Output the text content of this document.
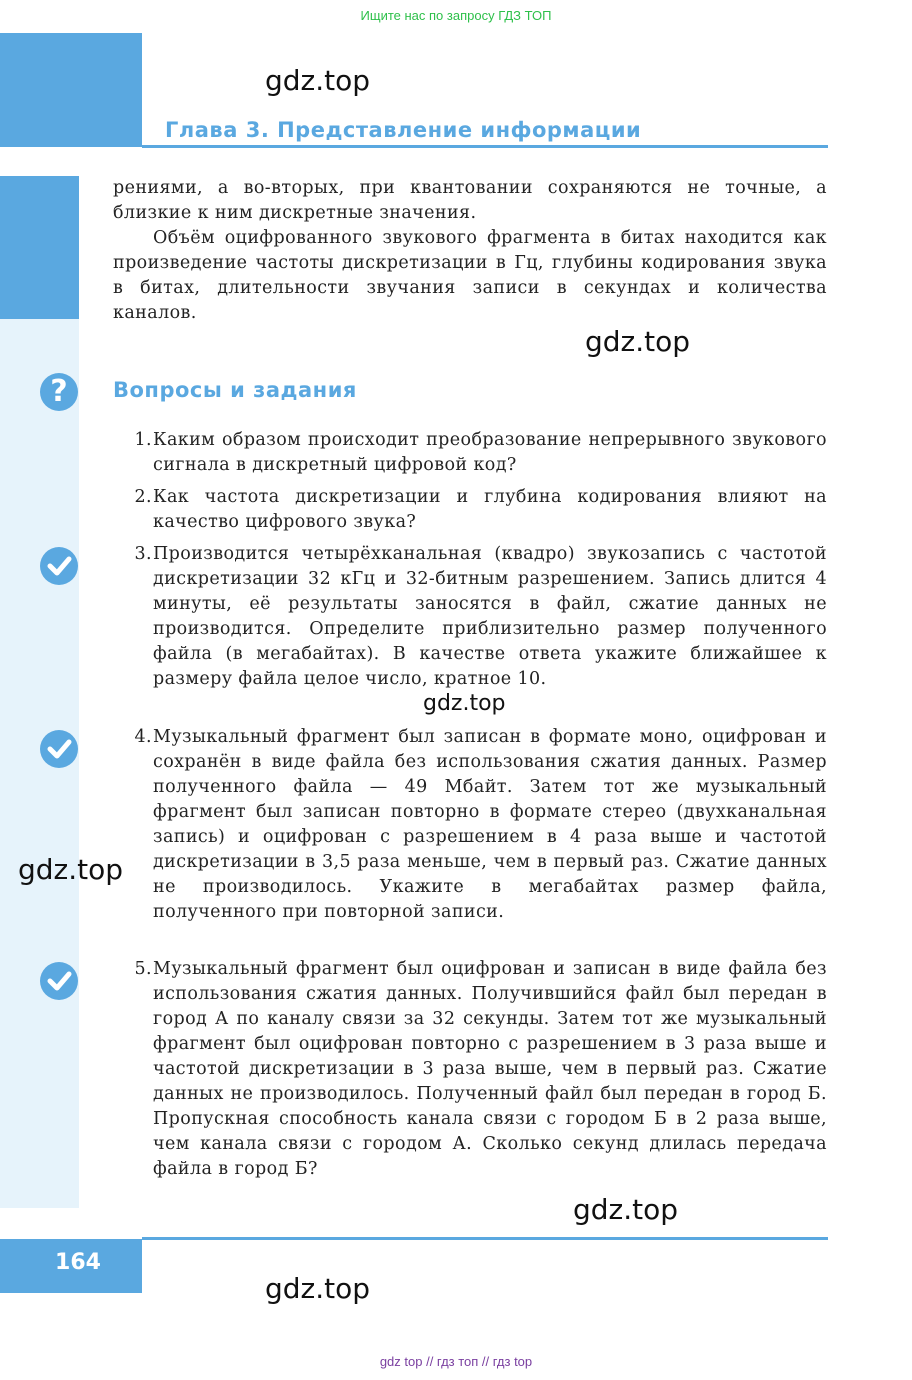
Ищите нас по запросу ГДЗ ТОП
Глава 3. Представление информации
gdz.top

рениями, а во-вторых, при квантовании сохраняются не точные, а близкие к ним дискретные значения.

Объём оцифрованного звукового фрагмента в битах находится как произведение частоты дискретизации в Гц, глубины кодирования звука в битах, длительности звучания записи в секундах и количества каналов.

gdz.top
?	Вопросы и задания
1. Каким образом происходит преобразование непрерывного звукового сигнала в дискретный цифровой код?

2. Как частота дискретизации и глубина кодирования влияют на качество цифрового звука?

3. Производится четырёхканальная (квадро) звукозапись с частотой дискретизации 32 кГц и 32-битным разрешением. Запись длится 4 минуты, её результаты заносятся в файл, сжатие данных не производится. Определите приблизительно размер полученного файла (в мегабайтах). В качестве ответа укажите ближайшее к размеру файла целое число, кратное 10.

gdz.top
4. Музыкальный фрагмент был записан в формате моно, оцифрован и сохранён в виде файла без использования сжатия данных. Размер полученного файла — 49 Мбайт. Затем тот же музыкальный фрагмент был записан повторно в формате стерео (двухканальная запись) и оцифрован с разрешением в 4 раза выше и частотой дискретизации в 3,5 раза меньше, чем в первый раз. Сжатие данных не производилось. Укажите в мегабайтах размер файла, полученного при повторной записи.

gdz.top
5. Музыкальный фрагмент был оцифрован и записан в виде файла без использования сжатия данных. Получившийся файл был передан в город А по каналу связи за 32 секунды. Затем тот же музыкальный фрагмент был оцифрован повторно с разрешением в 3 раза выше и частотой дискретизации в 3 раза выше, чем в первый раз. Сжатие данных не производилось. Полученный файл был передан в город Б. Пропускная способность канала связи с городом Б в 2 раза выше, чем канала связи с городом А. Сколько секунд длилась передача файла в город Б?

gdz.top
164
gdz.top
gdz top // гдз топ // гдз top
